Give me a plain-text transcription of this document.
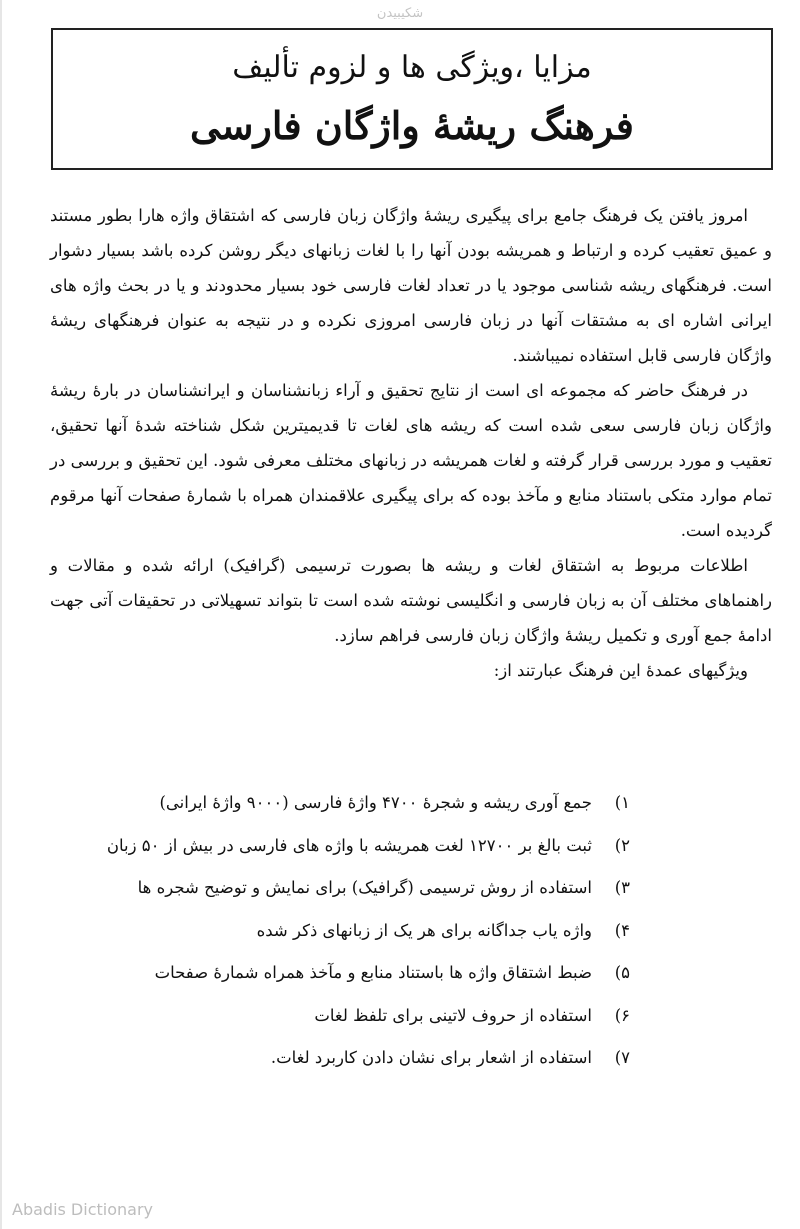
شکیبیدن
مزایا ،ویژگی ها و لزوم تألیف
فرهنگ ریشهٔ واژگان فارسی

امروز یافتن یک فرهنگ جامع برای پیگیری ریشهٔ واژگان زبان فارسی که اشتقاق واژه هارا بطور مستند و عمیق تعقیب کرده و ارتباط و همریشه بودن آنها را با لغات زبانهای دیگر روشن کرده باشد بسیار دشوار است. فرهنگهای ریشه شناسی موجود یا در تعداد لغات فارسی خود بسیار محدودند و یا در بحث واژه های ایرانی اشاره ای به مشتقات آنها در زبان فارسی امروزی نکرده و در نتیجه به عنوان فرهنگهای ریشهٔ واژگان فارسی قابل استفاده نمیباشند.

در فرهنگ حاضر که مجموعه ای است از نتایج تحقیق و آراء زبانشناسان و ایرانشناسان در بارهٔ ریشهٔ واژگان زبان فارسی سعی شده است که ریشه های لغات تا قدیمیترین شکل شناخته شدهٔ آنها تحقیق، تعقیب و مورد بررسی قرار گرفته و لغات همریشه در زبانهای مختلف معرفی شود. این تحقیق و بررسی در تمام موارد متکی باستناد منابع و مآخذ بوده که برای پیگیری علاقمندان همراه با شمارهٔ صفحات آنها مرقوم گردیده است.

اطلاعات مربوط به اشتقاق لغات و ریشه ها بصورت ترسیمی (گرافیک) ارائه شده و مقالات و راهنماهای مختلف آن به زبان فارسی و انگلیسی نوشته شده است تا بتواند تسهیلاتی در تحقیقات آتی جهت ادامهٔ جمع آوری و تکمیل ریشهٔ واژگان زبان فارسی فراهم سازد.

ویژگیهای عمدهٔ این فرهنگ عبارتند از:

۱)جمع آوری ریشه و شجرهٔ ۴۷۰۰ واژهٔ فارسی (۹۰۰۰ واژهٔ ایرانی)
۲)ثبت بالغ بر ۱۲۷۰۰ لغت همریشه با واژه های فارسی در بیش از ۵۰ زبان
۳)استفاده از روش ترسیمی (گرافیک) برای نمایش و توضیح شجره ها
۴)واژه یاب جداگانه برای هر یک از زبانهای ذکر شده
۵)ضبط اشتقاق واژه ها باستناد منابع و مآخذ همراه شمارهٔ صفحات
۶)استفاده از حروف لاتینی برای تلفظ لغات
۷)استفاده از اشعار برای نشان دادن کاربرد لغات.
Abadis Dictionary
